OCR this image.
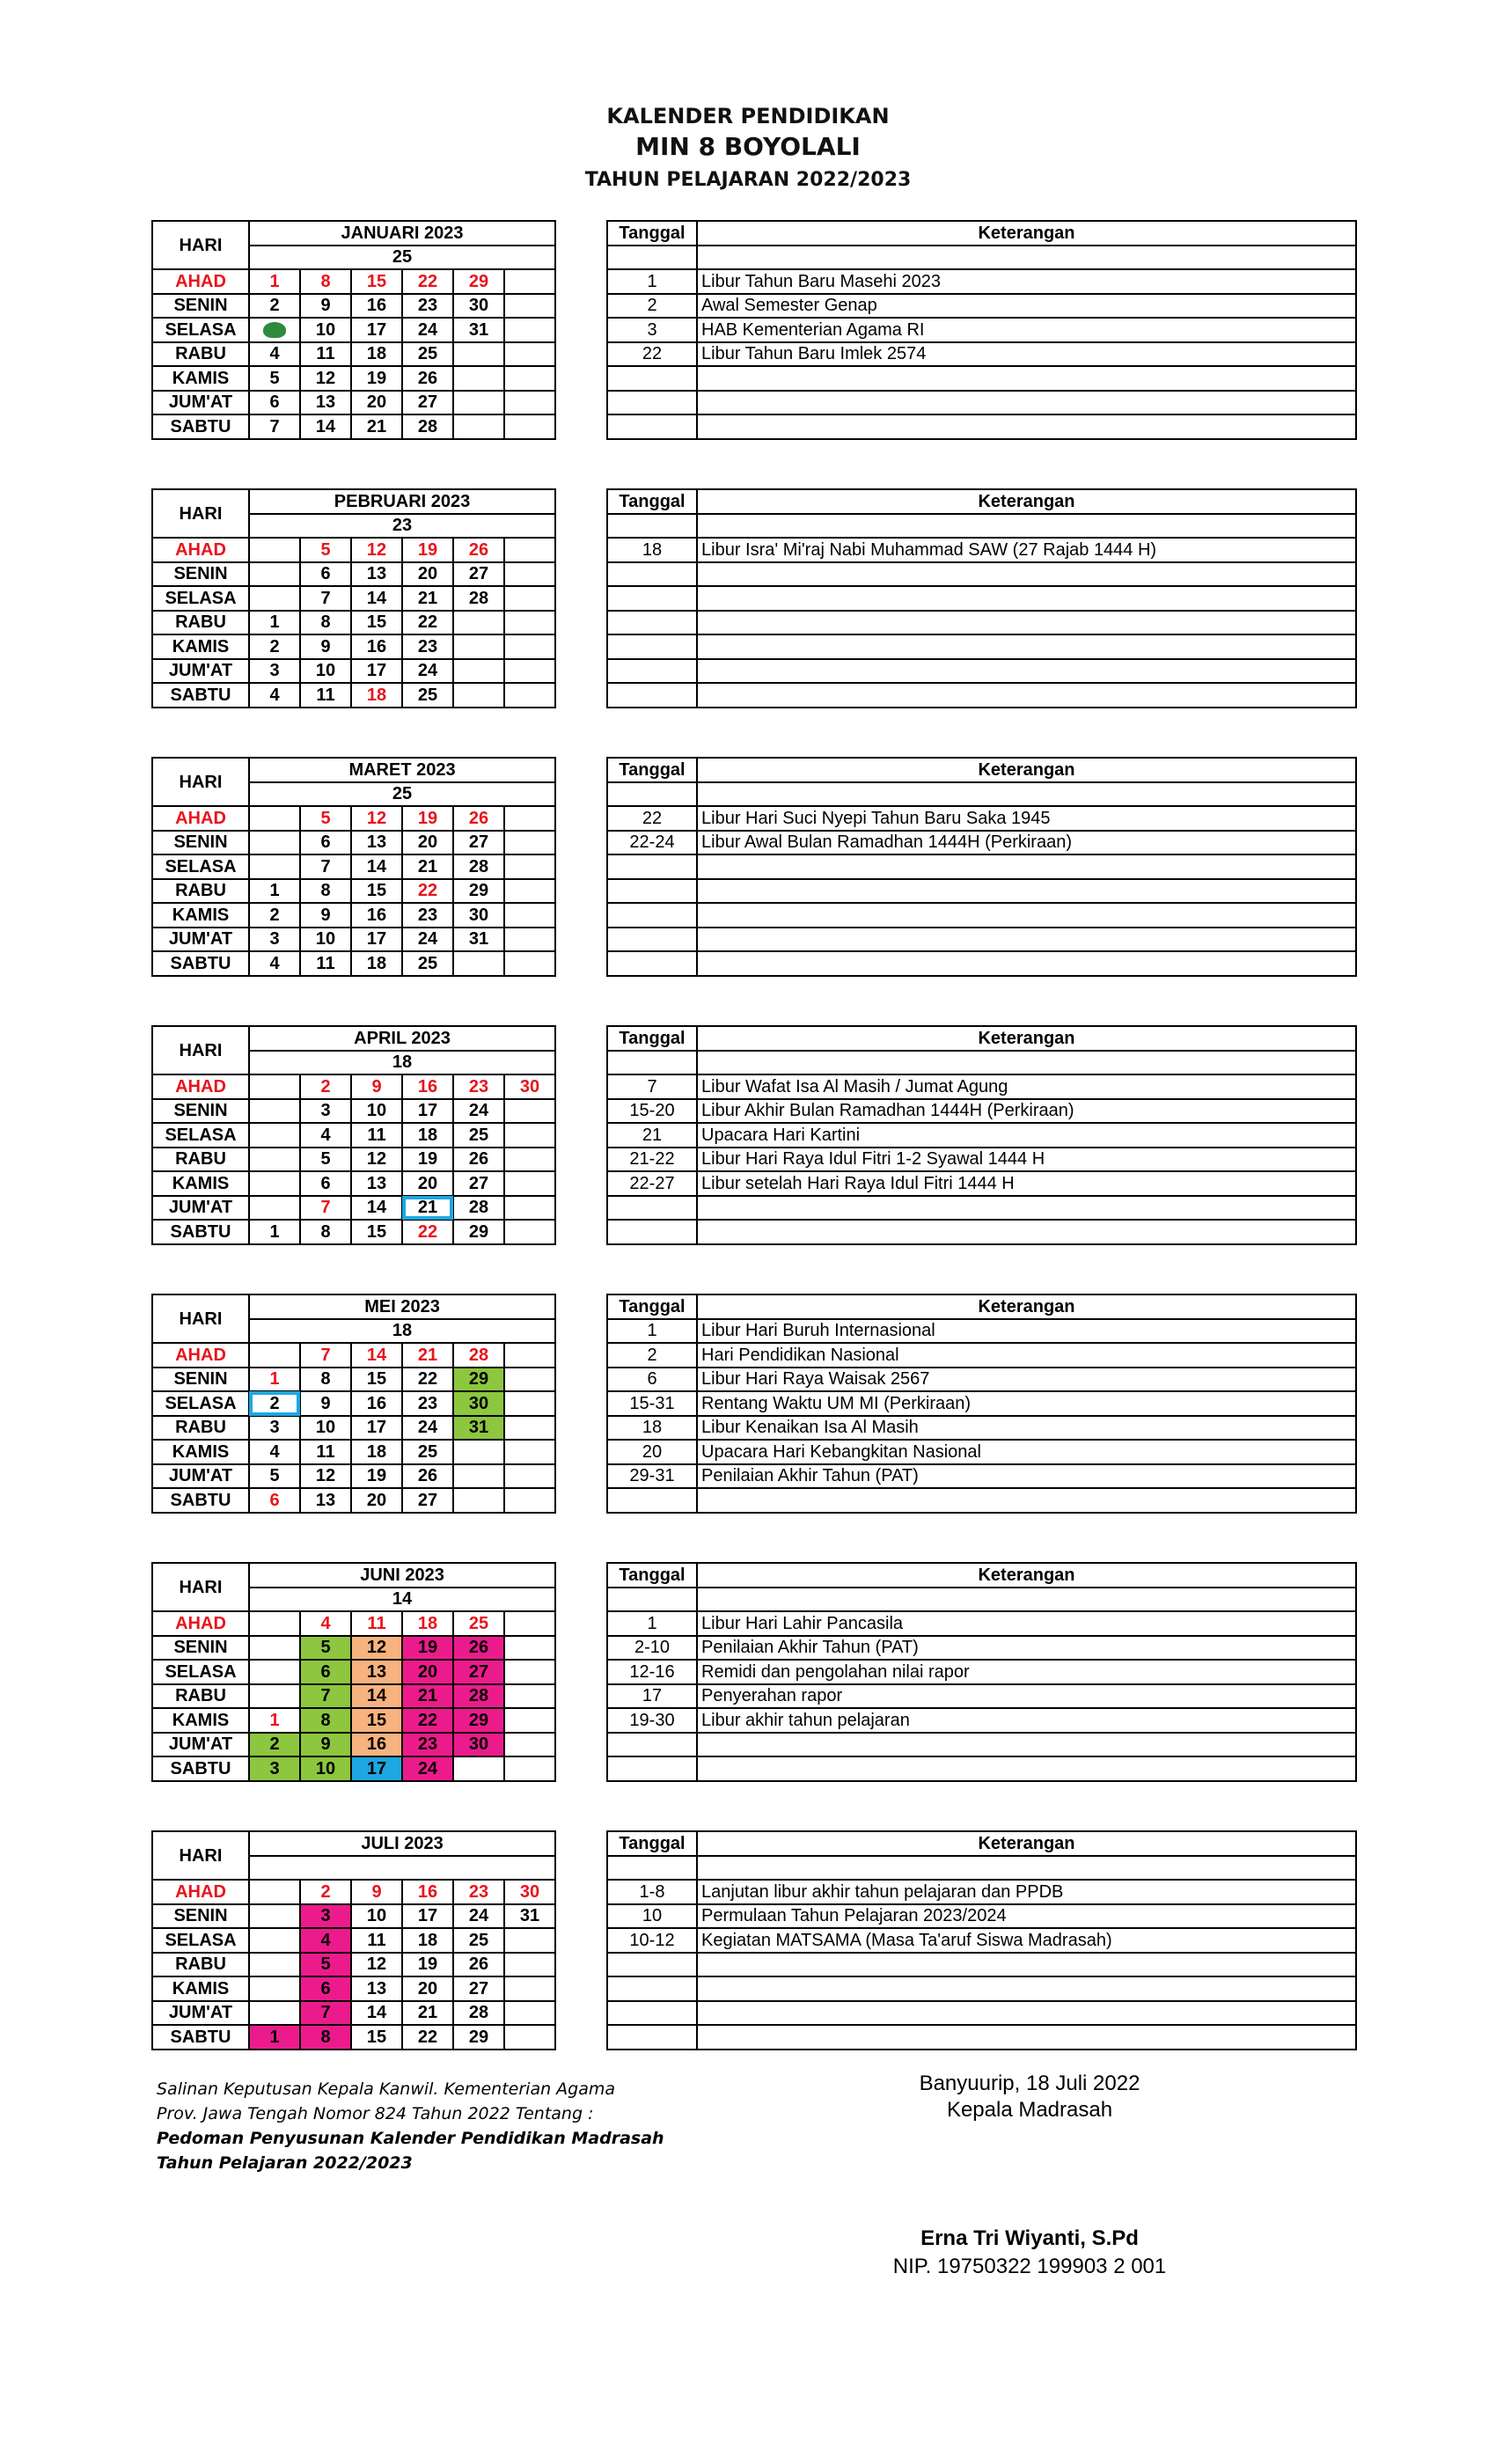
KALENDER PENDIDIKAN
MIN 8 BOYOLALI
TAHUN PELAJARAN 2022/2023
HARI	JANUARI 2023					
	25					
AHAD	1	8	15	22	29	
SENIN	2	9	16	23	30	
SELASA		10	17	24	31	
RABU	4	11	18	25		
KAMIS	5	12	19	26		
JUM'AT	6	13	20	27		
SABTU	7	14	21	28		
Tanggal	Keterangan

1	Libur Tahun Baru Masehi 2023
2	Awal Semester Genap
3	HAB Kementerian Agama RI
22	Libur Tahun Baru Imlek 2574

HARI	PEBRUARI 2023					
	23					
AHAD		5	12	19	26	
SENIN		6	13	20	27	
SELASA		7	14	21	28	
RABU	1	8	15	22		
KAMIS	2	9	16	23		
JUM'AT	3	10	17	24		
SABTU	4	11	18	25		
Tanggal	Keterangan

18	Libur Isra' Mi'raj Nabi Muhammad SAW (27 Rajab 1444 H)

HARI	MARET 2023					
	25					
AHAD		5	12	19	26	
SENIN		6	13	20	27	
SELASA		7	14	21	28	
RABU	1	8	15	22	29	
KAMIS	2	9	16	23	30	
JUM'AT	3	10	17	24	31	
SABTU	4	11	18	25		
Tanggal	Keterangan

22	Libur Hari Suci Nyepi Tahun Baru Saka 1945
22-24	Libur Awal Bulan Ramadhan 1444H (Perkiraan)

HARI	APRIL 2023					
	18					
AHAD		2	9	16	23	30
SENIN		3	10	17	24	
SELASA		4	11	18	25	
RABU		5	12	19	26	
KAMIS		6	13	20	27	
JUM'AT		7	14	21	28	
SABTU	1	8	15	22	29	
Tanggal	Keterangan

7	Libur Wafat Isa Al Masih / Jumat Agung
15-20	Libur Akhir Bulan Ramadhan 1444H (Perkiraan)
21	Upacara Hari Kartini
21-22	Libur Hari Raya Idul Fitri 1-2 Syawal 1444 H
22-27	Libur setelah Hari Raya Idul Fitri 1444 H

HARI	MEI 2023					
	18					
AHAD		7	14	21	28	
SENIN	1	8	15	22	29	
SELASA	2	9	16	23	30	
RABU	3	10	17	24	31	
KAMIS	4	11	18	25		
JUM'AT	5	12	19	26		
SABTU	6	13	20	27		
Tanggal	Keterangan
1	Libur Hari Buruh Internasional
2	Hari Pendidikan Nasional
6	Libur Hari Raya Waisak 2567
15-31	Rentang Waktu UM MI (Perkiraan)
18	Libur Kenaikan Isa Al Masih
20	Upacara Hari Kebangkitan Nasional
29-31	Penilaian Akhir Tahun (PAT)

HARI	JUNI 2023					
	14					
AHAD		4	11	18	25	
SENIN		5	12	19	26	
SELASA		6	13	20	27	
RABU		7	14	21	28	
KAMIS	1	8	15	22	29	
JUM'AT	2	9	16	23	30	
SABTU	3	10	17	24		
Tanggal	Keterangan

1	Libur Hari Lahir Pancasila
2-10	Penilaian Akhir Tahun (PAT)
12-16	Remidi dan pengolahan nilai rapor
17	Penyerahan rapor
19-30	Libur akhir tahun pelajaran

HARI	JULI 2023					

AHAD		2	9	16	23	30
SENIN		3	10	17	24	31
SELASA		4	11	18	25	
RABU		5	12	19	26	
KAMIS		6	13	20	27	
JUM'AT		7	14	21	28	
SABTU	1	8	15	22	29	
Tanggal	Keterangan

1-8	Lanjutan libur akhir tahun pelajaran dan PPDB
10	Permulaan Tahun Pelajaran 2023/2024
10-12	Kegiatan MATSAMA (Masa Ta'aruf Siswa Madrasah)

Salinan Keputusan Kepala Kanwil. Kementerian Agama
Prov. Jawa Tengah Nomor 824 Tahun 2022 Tentang :
Pedoman Penyusunan Kalender Pendidikan Madrasah
Tahun Pelajaran 2022/2023
Banyuurip, 18 Juli 2022
Kepala Madrasah
Erna Tri Wiyanti, S.Pd
NIP. 19750322 199903 2 001
